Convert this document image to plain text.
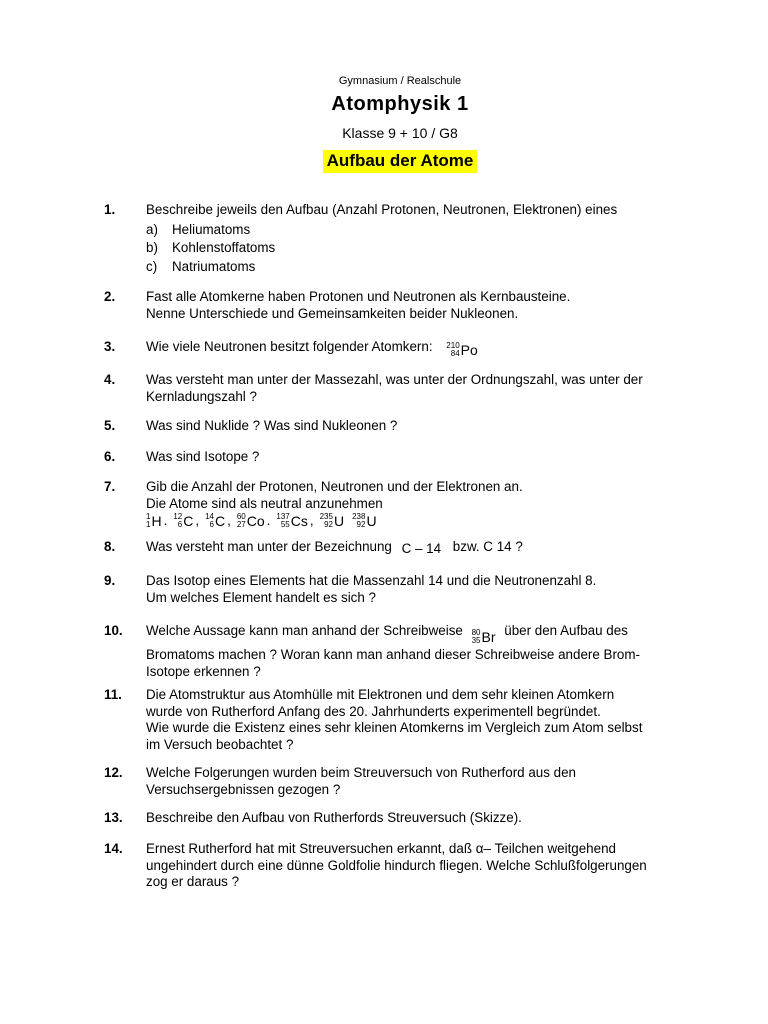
Gymnasium / Realschule
Atomphysik 1
Klasse 9 + 10 / G8
Aufbau der Atome
1. Beschreibe jeweils den Aufbau (Anzahl Protonen, Neutronen, Elektronen) eines
a)	Heliumatoms
b)	Kohlenstoffatoms
c)	Natriumatoms
2. Fast alle Atomkerne haben Protonen und Neutronen als Kernbausteine.
Nenne Unterschiede und Gemeinsamkeiten beider Nukleonen.
3. Wie viele Neutronen besitzt folgender Atomkern: 210
84 Po
4. Was versteht man unter der Massezahl, was unter der Ordnungszahl, was unter der
Kernladungszahl ?
5. Was sind Nuklide ? Was sind Nukleonen ?
6. Was sind Isotope ?
7. Gib die Anzahl der Protonen, Neutronen und der Elektronen an.
Die Atome sind als neutral anzunehmen
1
1 H . 12
6 C , 14
6 C , 60
27 Co . 137
55 Cs , 235
92 U 238
92 U
8. Was versteht man unter der Bezeichnung C – 14 bzw. C 14 ?
9. Das Isotop eines Elements hat die Massenzahl 14 und die Neutronenzahl 8.
Um welches Element handelt es sich ?
10. Welche Aussage kann man anhand der Schreibweise 80
35 Br über den Aufbau des
Bromatoms machen ? Woran kann man anhand dieser Schreibweise andere Brom-
Isotope erkennen ?
11. Die Atomstruktur aus Atomhülle mit Elektronen und dem sehr kleinen Atomkern
wurde von Rutherford Anfang des 20. Jahrhunderts experimentell begründet.
Wie wurde die Existenz eines sehr kleinen Atomkerns im Vergleich zum Atom selbst
im Versuch beobachtet ?
12. Welche Folgerungen wurden beim Streuversuch von Rutherford aus den
Versuchsergebnissen gezogen ?
13. Beschreibe den Aufbau von Rutherfords Streuversuch (Skizze).
14. Ernest Rutherford hat mit Streuversuchen erkannt, daß α– Teilchen weitgehend
ungehindert durch eine dünne Goldfolie hindurch fliegen. Welche Schlußfolgerungen
zog er daraus ?
